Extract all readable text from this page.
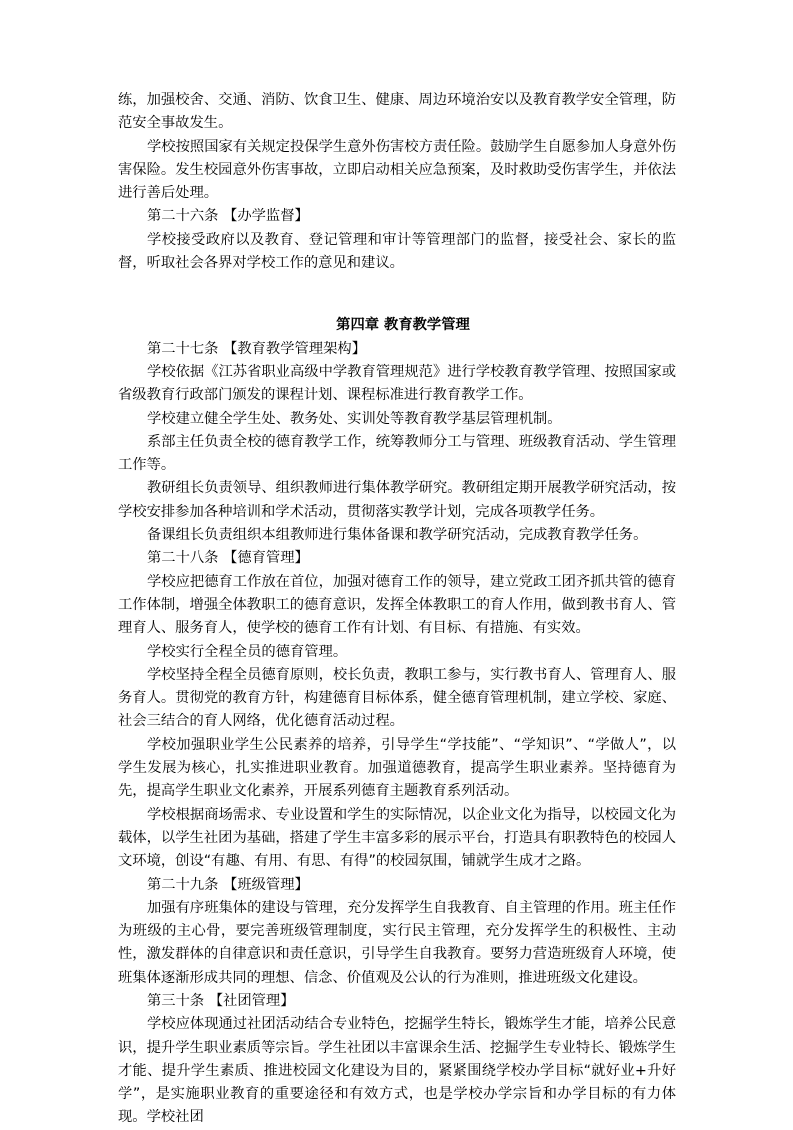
练，加强校舍、交通、消防、饮食卫生、健康、周边环境治安以及教育教学安全管理，防范安全事故发生。

学校按照国家有关规定投保学生意外伤害校方责任险。鼓励学生自愿参加人身意外伤害保险。发生校园意外伤害事故，立即启动相关应急预案，及时救助受伤害学生，并依法进行善后处理。

第二十六条 【办学监督】

学校接受政府以及教育、登记管理和审计等管理部门的监督，接受社会、家长的监督，听取社会各界对学校工作的意见和建议。

第四章 教育教学管理

第二十七条 【教育教学管理架构】

学校依据《江苏省职业高级中学教育管理规范》进行学校教育教学管理、按照国家或省级教育行政部门颁发的课程计划、课程标准进行教育教学工作。

学校建立健全学生处、教务处、实训处等教育教学基层管理机制。

系部主任负责全校的德育教学工作，统筹教师分工与管理、班级教育活动、学生管理工作等。

教研组长负责领导、组织教师进行集体教学研究。教研组定期开展教学研究活动，按学校安排参加各种培训和学术活动，贯彻落实教学计划，完成各项教学任务。

备课组长负责组织本组教师进行集体备课和教学研究活动，完成教育教学任务。

第二十八条 【德育管理】

学校应把德育工作放在首位，加强对德育工作的领导，建立党政工团齐抓共管的德育工作体制，增强全体教职工的德育意识，发挥全体教职工的育人作用，做到教书育人、管理育人、服务育人，使学校的德育工作有计划、有目标、有措施、有实效。

学校实行全程全员的德育管理。

学校坚持全程全员德育原则，校长负责，教职工参与，实行教书育人、管理育人、服务育人。贯彻党的教育方针，构建德育目标体系，健全德育管理机制，建立学校、家庭、社会三结合的育人网络，优化德育活动过程。

学校加强职业学生公民素养的培养，引导学生“学技能”、“学知识”、“学做人”，以学生发展为核心，扎实推进职业教育。加强道德教育，提高学生职业素养。坚持德育为先，提高学生职业文化素养，开展系列德育主题教育系列活动。

学校根据商场需求、专业设置和学生的实际情况，以企业文化为指导，以校园文化为载体，以学生社团为基础，搭建了学生丰富多彩的展示平台，打造具有职教特色的校园人文环境，创设“有趣、有用、有思、有得”的校园氛围，铺就学生成才之路。

第二十九条 【班级管理】

加强有序班集体的建设与管理，充分发挥学生自我教育、自主管理的作用。班主任作为班级的主心骨，要完善班级管理制度，实行民主管理，充分发挥学生的积极性、主动性，激发群体的自律意识和责任意识，引导学生自我教育。要努力营造班级育人环境，使班集体逐渐形成共同的理想、信念、价值观及公认的行为准则，推进班级文化建设。

第三十条 【社团管理】

学校应体现通过社团活动结合专业特色，挖掘学生特长，锻炼学生才能，培养公民意识，提升学生职业素质等宗旨。学生社团以丰富课余生活、挖掘学生专业特长、锻炼学生才能、提升学生素质、推进校园文化建设为目的，紧紧围绕学校办学目标“就好业+升好学”，是实施职业教育的重要途径和有效方式，也是学校办学宗旨和办学目标的有力体现。学校社团
